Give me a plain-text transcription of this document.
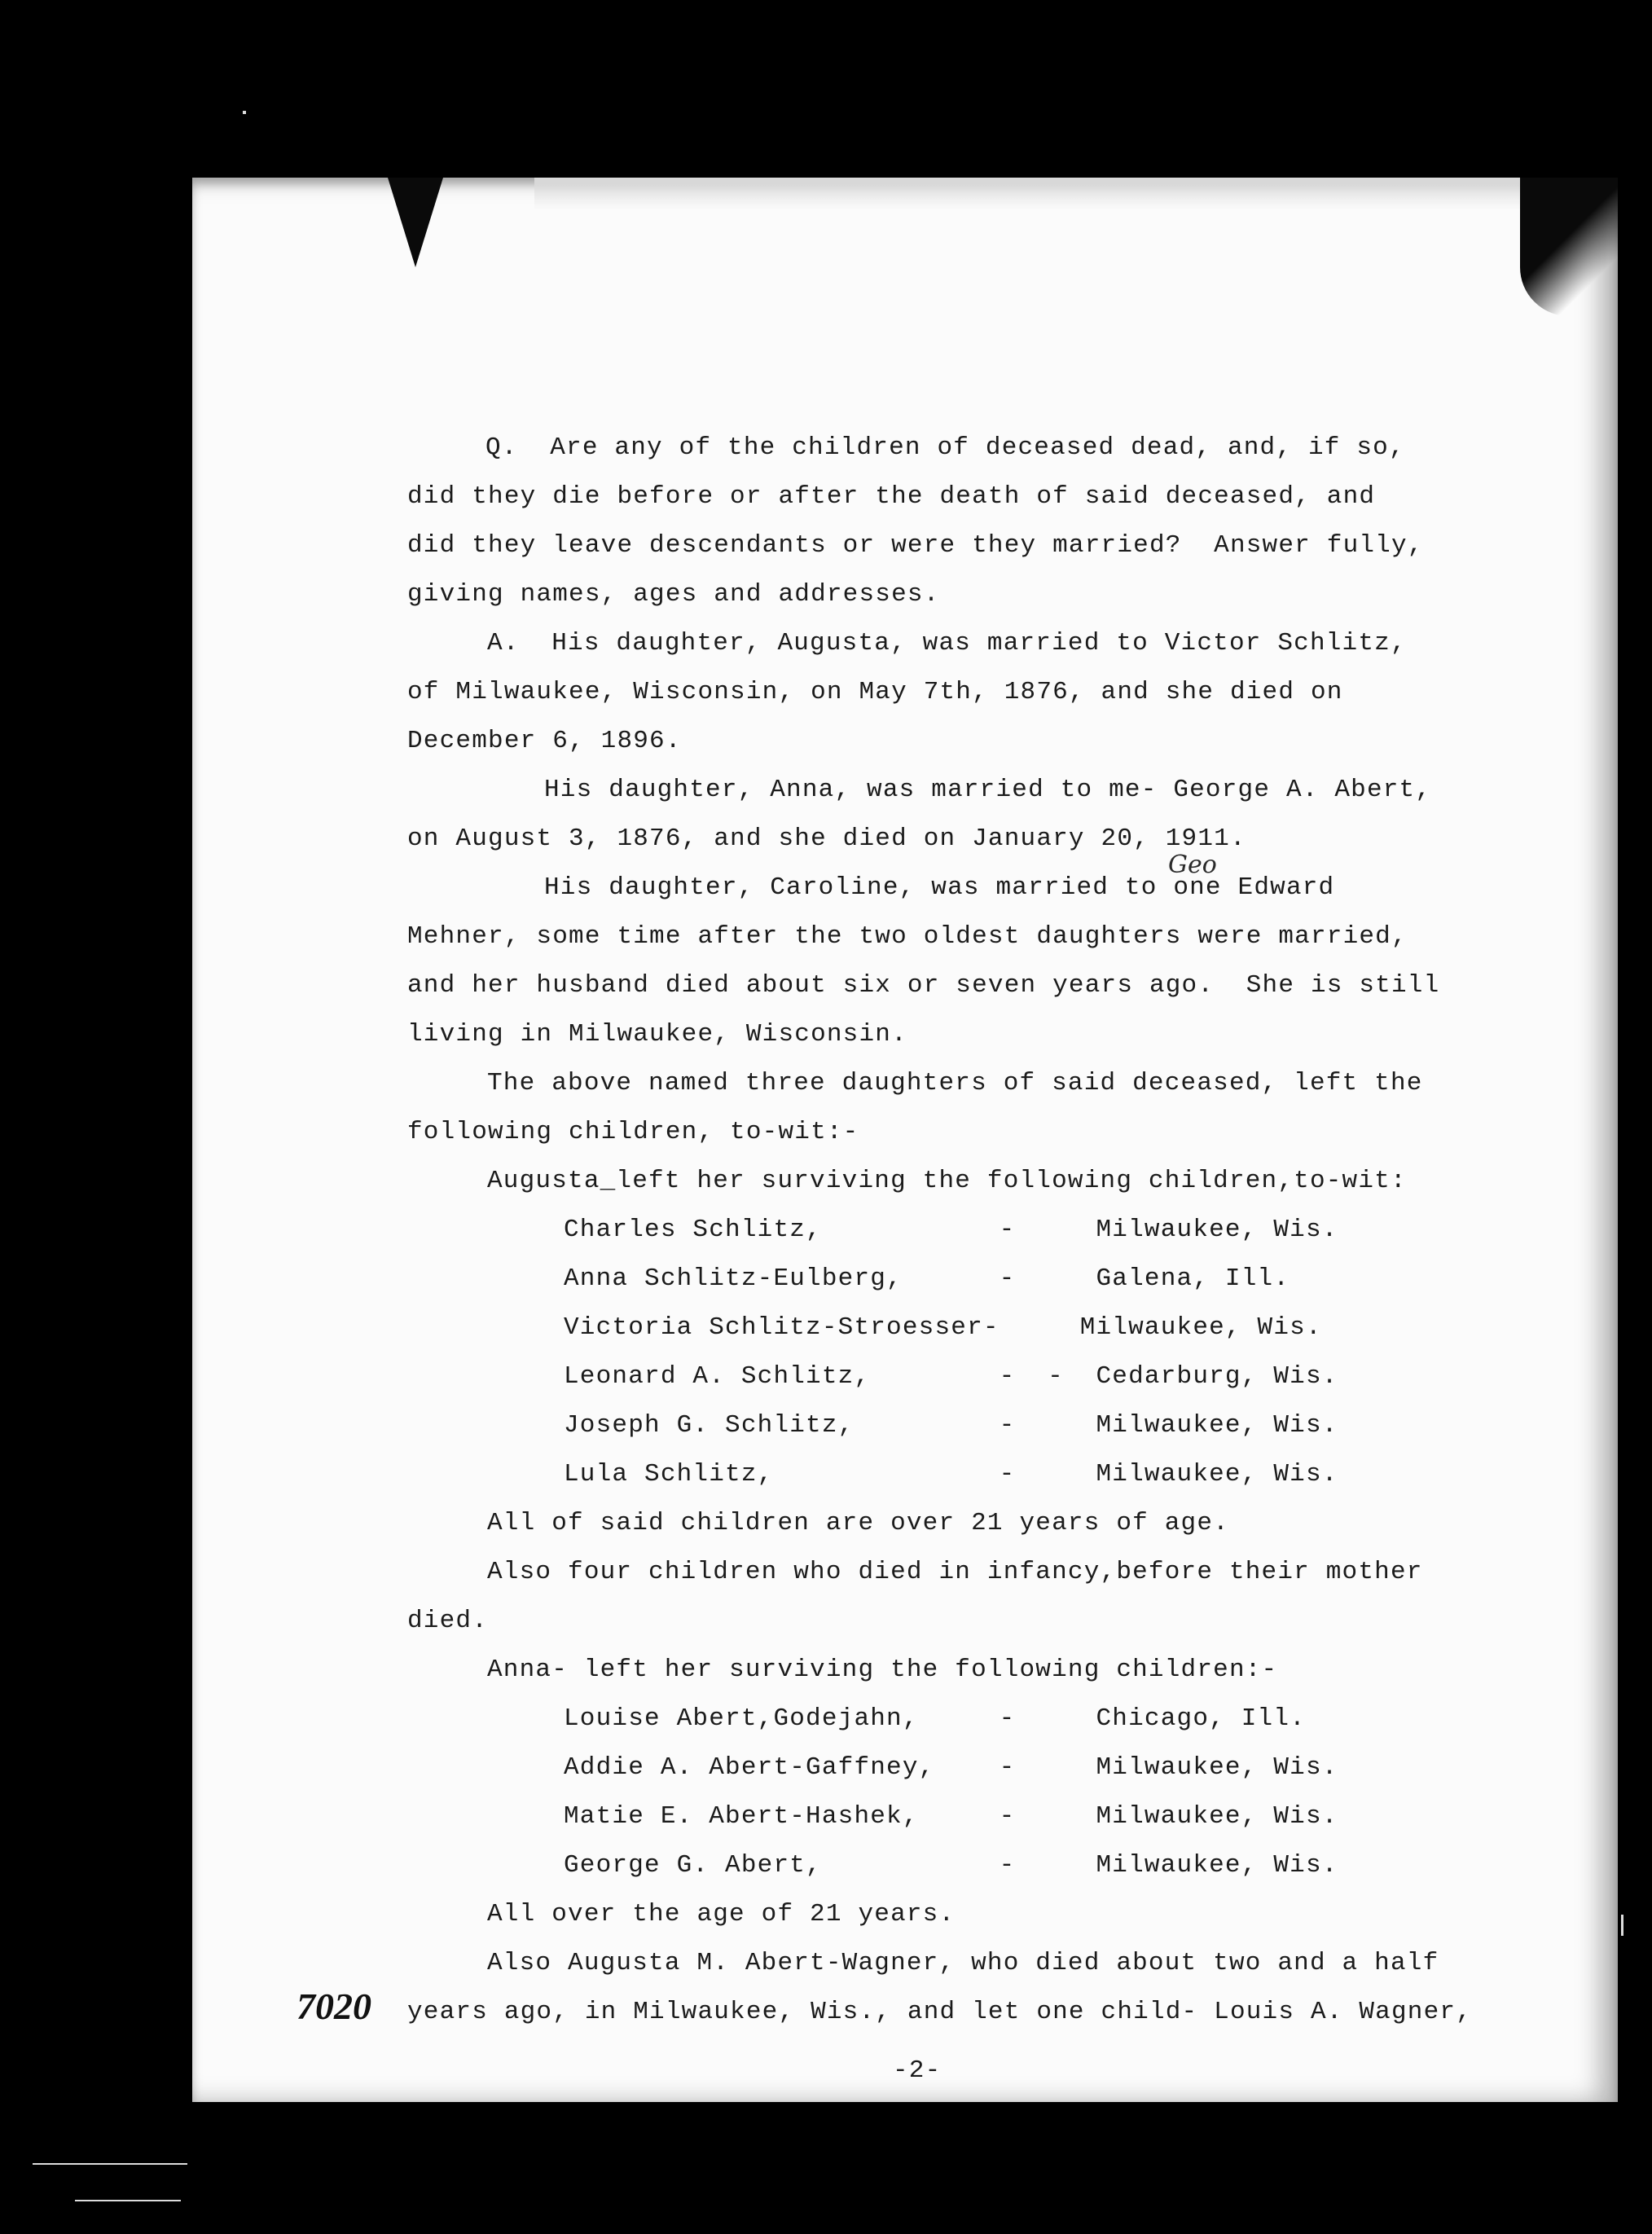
Q.  Are any of the children of deceased dead, and, if so,
did they die before or after the death of said deceased, and
did they leave descendants or were they married?  Answer fully,
giving names, ages and addresses.
A.  His daughter, Augusta, was married to Victor Schlitz,
of Milwaukee, Wisconsin, on May 7th, 1876, and she died on
December 6, 1896.
His daughter, Anna, was married to me- George A. Abert,
on August 3, 1876, and she died on January 20, 1911.
Geo
His daughter, Caroline, was married to one Edward
Mehner, some time after the two oldest daughters were married,
and her husband died about six or seven years ago.  She is still
living in Milwaukee, Wisconsin.
The above named three daughters of said deceased, left the
following children, to-wit:-
Augusta_left her surviving the following children,to-wit:
Charles Schlitz,           -     Milwaukee, Wis.
Anna Schlitz-Eulberg,      -     Galena, Ill.
Victoria Schlitz-Stroesser-     Milwaukee, Wis.
Leonard A. Schlitz,        -  -  Cedarburg, Wis.
Joseph G. Schlitz,         -     Milwaukee, Wis.
Lula Schlitz,              -     Milwaukee, Wis.
All of said children are over 21 years of age.
Also four children who died in infancy,before their mother
died.
Anna- left her surviving the following children:-
Louise Abert,Godejahn,     -     Chicago, Ill.
Addie A. Abert-Gaffney,    -     Milwaukee, Wis.
Matie E. Abert-Hashek,     -     Milwaukee, Wis.
George G. Abert,           -     Milwaukee, Wis.
All over the age of 21 years.
Also Augusta M. Abert-Wagner, who died about two and a half
7020 years ago, in Milwaukee, Wis., and let one child- Louis A. Wagner,
-2-
